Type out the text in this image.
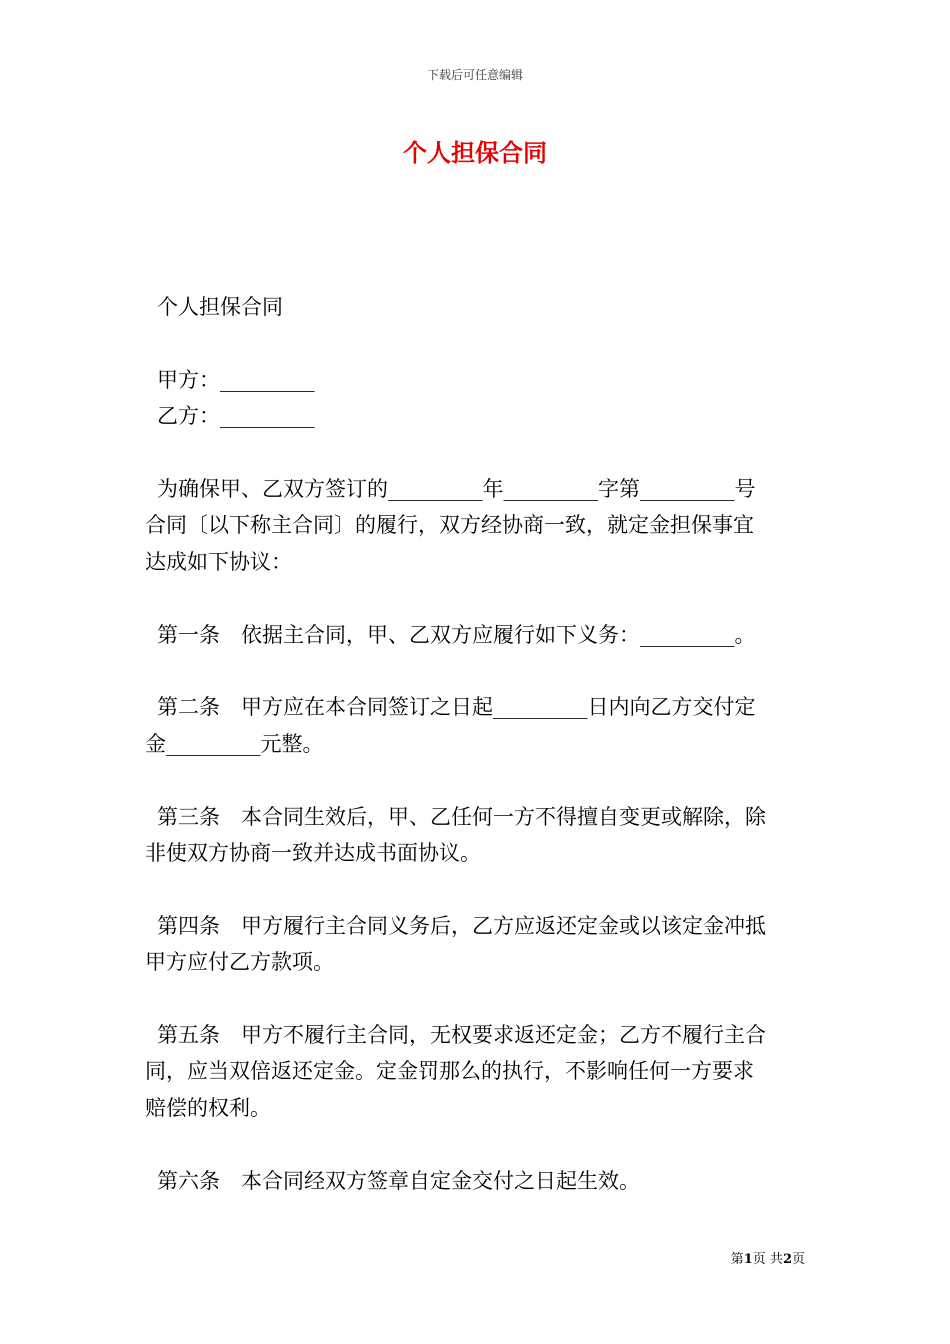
下载后可任意编辑
个人担保合同

个人担保合同

甲方：_________

乙方：_________

为确保甲、乙双方签订的_________年_________字第_________号

合同〔以下称主合同〕的履行，双方经协商一致，就定金担保事宜

达成如下协议：

第一条　依据主合同，甲、乙双方应履行如下义务：_________。

第二条　甲方应在本合同签订之日起_________日内向乙方交付定

金_________元整。

第三条　本合同生效后，甲、乙任何一方不得擅自变更或解除，除

非使双方协商一致并达成书面协议。

第四条　甲方履行主合同义务后，乙方应返还定金或以该定金冲抵

甲方应付乙方款项。

第五条　甲方不履行主合同，无权要求返还定金；乙方不履行主合

同，应当双倍返还定金。定金罚那么的执行，不影响任何一方要求

赔偿的权利。

第六条　本合同经双方签章自定金交付之日起生效。

第1页 共2页
